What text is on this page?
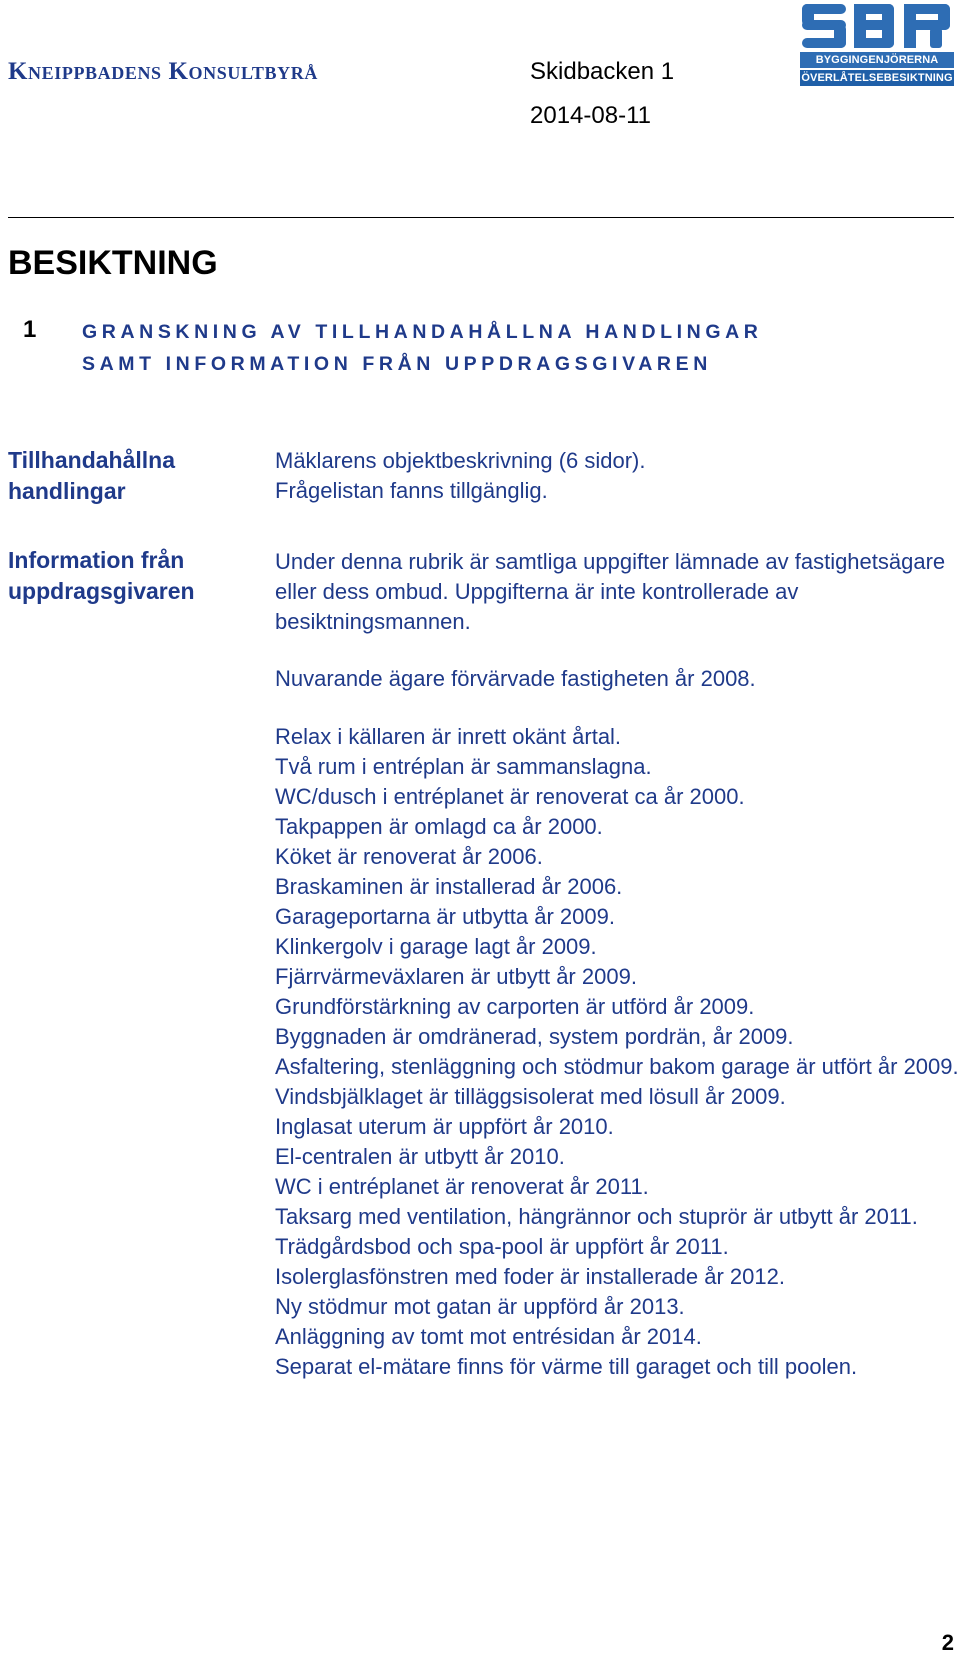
Kneippbadens Konsultbyrå	Skidbacken 1
2014-08-11
BYGGINGENJÖRERNA
ÖVERLÅTELSEBESIKTNING
BESIKTNING
1 GRANSKNING AV TILLHANDAHÅLLNA HANDLINGAR
SAMT INFORMATION FRÅN UPPDRAGSGIVAREN
Tillhandahållna handlingar
Mäklarens objektbeskrivning (6 sidor).
Frågelistan fanns tillgänglig.
Information från uppdragsgivaren

Under denna rubrik är samtliga uppgifter lämnade av fastighetsägare eller dess ombud. Uppgifterna är inte kontrollerade av besiktningsmannen.

Nuvarande ägare förvärvade fastigheten år 2008.

Relax i källaren är inrett okänt årtal.

Två rum i entréplan är sammanslagna.

WC/dusch i entréplanet är renoverat ca år 2000.

Takpappen är omlagd ca år 2000.

Köket är renoverat år 2006.

Braskaminen är installerad år 2006.

Garageportarna är utbytta år 2009.

Klinkergolv i garage lagt år 2009.

Fjärrvärmeväxlaren är utbytt år 2009.

Grundförstärkning av carporten är utförd år 2009.

Byggnaden är omdränerad, system pordrän, år 2009.

Asfaltering, stenläggning och stödmur bakom garage är utfört år 2009.

Vindsbjälklaget är tilläggsisolerat med lösull år 2009.

Inglasat uterum är uppfört år 2010.

El-centralen är utbytt år 2010.

WC i entréplanet är renoverat år 2011.

Taksarg med ventilation, hängrännor och stuprör är utbytt år 2011.

Trädgårdsbod och spa-pool är uppfört år 2011.

Isolerglasfönstren med foder är installerade år 2012.

Ny stödmur mot gatan är uppförd år 2013.

Anläggning av tomt mot entrésidan år 2014.

Separat el-mätare finns för värme till garaget och till poolen.

2
